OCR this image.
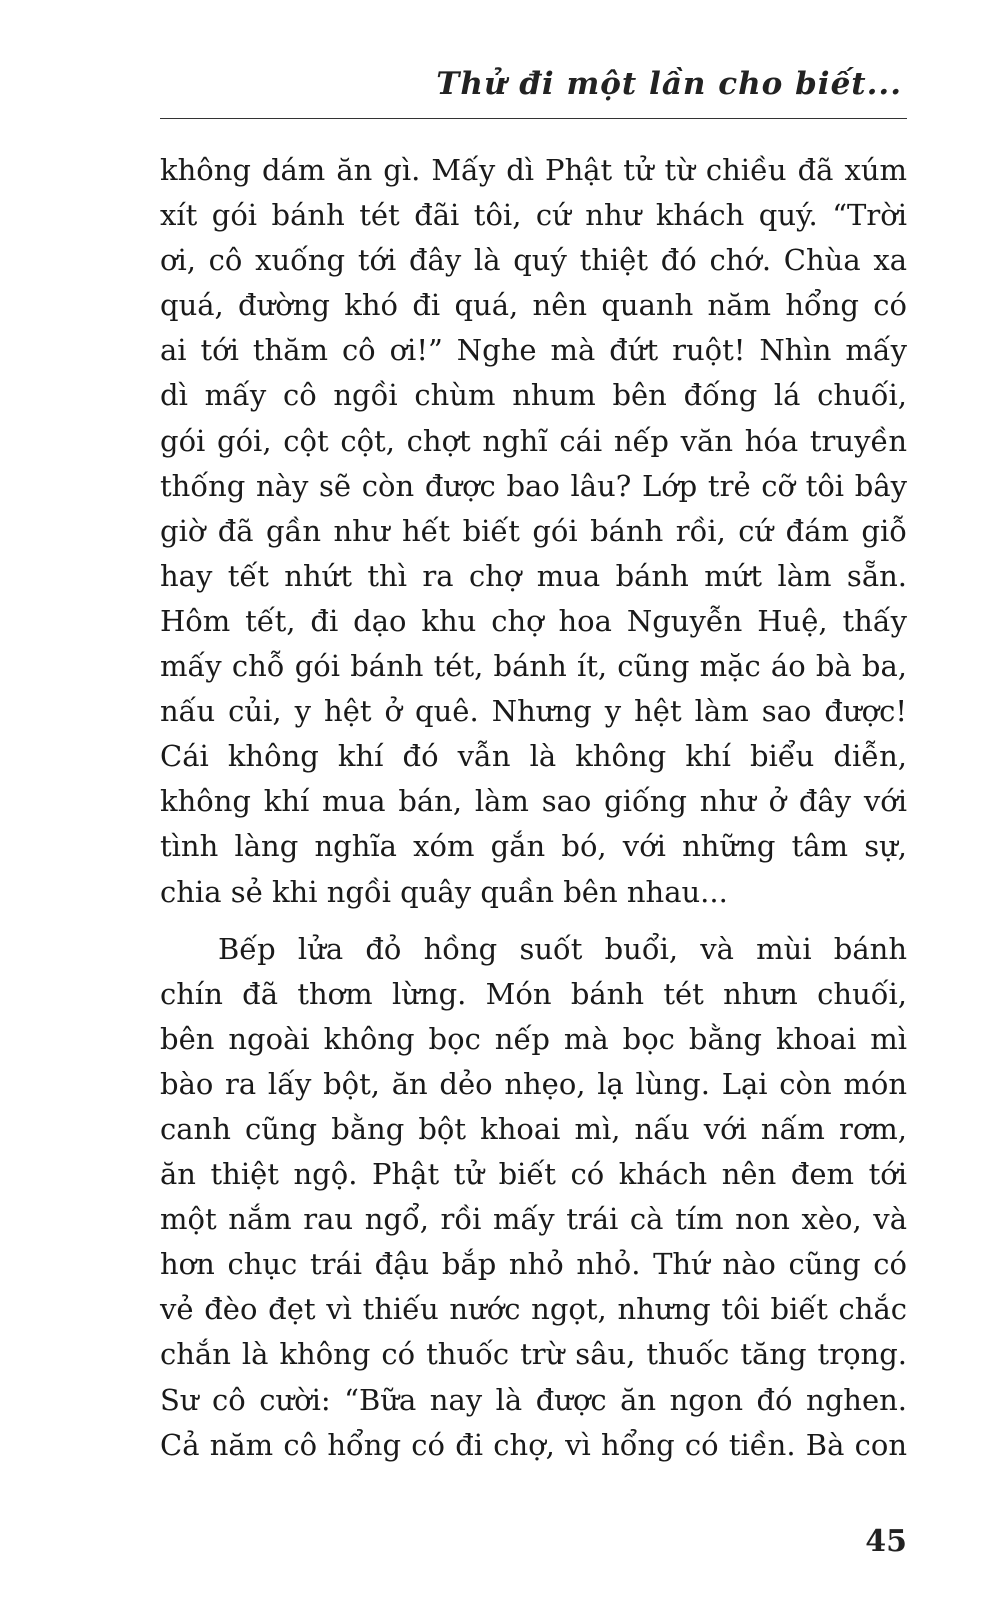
Thử đi một lần cho biết...
không dám ăn gì. Mấy dì Phật tử từ chiều đã xúm
xít gói bánh tét đãi tôi, cứ như khách quý. “Trời
ơi, cô xuống tới đây là quý thiệt đó chớ. Chùa xa
quá, đường khó đi quá, nên quanh năm hổng có
ai tới thăm cô ơi!” Nghe mà đứt ruột! Nhìn mấy
dì mấy cô ngồi chùm nhum bên đống lá chuối,
gói gói, cột cột, chợt nghĩ cái nếp văn hóa truyền
thống này sẽ còn được bao lâu? Lớp trẻ cỡ tôi bây
giờ đã gần như hết biết gói bánh rồi, cứ đám giỗ
hay tết nhứt thì ra chợ mua bánh mứt làm sẵn.
Hôm tết, đi dạo khu chợ hoa Nguyễn Huệ, thấy
mấy chỗ gói bánh tét, bánh ít, cũng mặc áo bà ba,
nấu củi, y hệt ở quê. Nhưng y hệt làm sao được!
Cái không khí đó vẫn là không khí biểu diễn,
không khí mua bán, làm sao giống như ở đây với
tình làng nghĩa xóm gắn bó, với những tâm sự,
chia sẻ khi ngồi quây quần bên nhau...
Bếp lửa đỏ hồng suốt buổi, và mùi bánh
chín đã thơm lừng. Món bánh tét nhưn chuối,
bên ngoài không bọc nếp mà bọc bằng khoai mì
bào ra lấy bột, ăn dẻo nhẹo, lạ lùng. Lại còn món
canh cũng bằng bột khoai mì, nấu với nấm rơm,
ăn thiệt ngộ. Phật tử biết có khách nên đem tới
một nắm rau ngổ, rồi mấy trái cà tím non xèo, và
hơn chục trái đậu bắp nhỏ nhỏ. Thứ nào cũng có
vẻ đèo đẹt vì thiếu nước ngọt, nhưng tôi biết chắc
chắn là không có thuốc trừ sâu, thuốc tăng trọng.
Sư cô cười: “Bữa nay là được ăn ngon đó nghen.
Cả năm cô hổng có đi chợ, vì hổng có tiền. Bà con
45
